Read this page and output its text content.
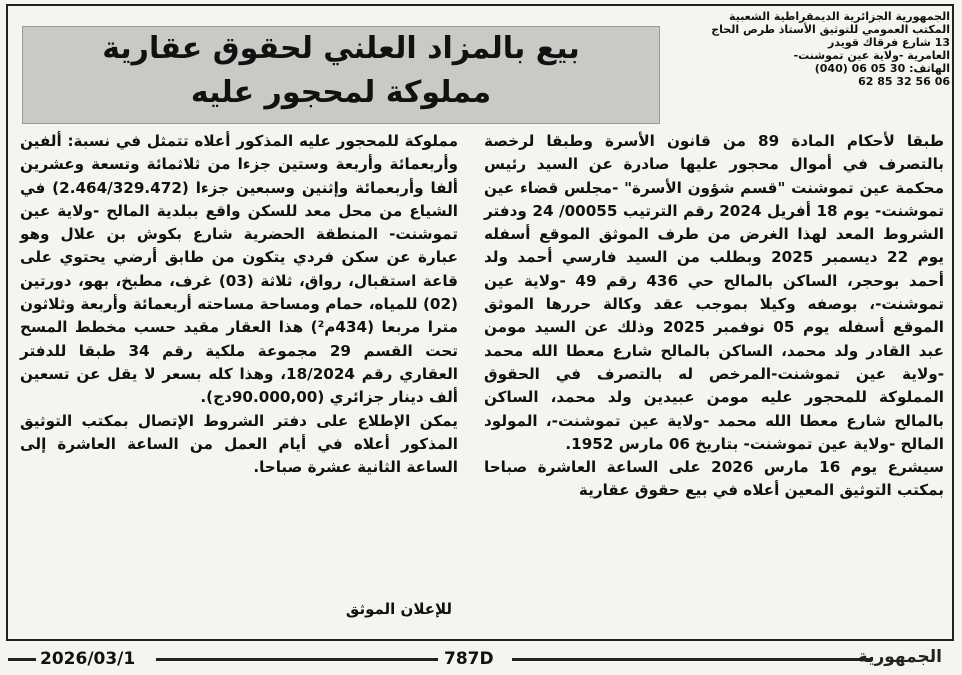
الجمهورية الجزائرية الديمقراطية الشعبية
المكتب العمومي للتوثيق الأستاذ طرص الحاج
13 شارع فرقاك قويدر
العامرية -ولاية عين تموشنت-
الهاتف: 30 05 06 (040)
06 56 32 85 62
بيع بالمزاد العلني لحقوق عقارية
مملوكة لمحجور عليه

طبقا لأحكام المادة 89 من قانون الأسرة وطبقا لرخصة بالتصرف في أموال محجور عليها صادرة عن السيد رئيس محكمة عين تموشنت "قسم شؤون الأسرة" -مجلس قضاء عين تموشنت- يوم 18 أفريل 2024 رقم الترتيب 00055/ 24 ودفتر الشروط المعد لهذا الغرض من طرف الموثق الموقع أسفله يوم 22 ديسمبر 2025 وبطلب من السيد فارسي أحمد ولد أحمد بوحجر، الساكن بالمالح حي 436 رقم 49 -ولاية عين تموشنت-، بوصفه وكيلا بموجب عقد وكالة حررها الموثق الموقع أسفله يوم 05 نوفمبر 2025 وذلك عن السيد مومن عبد القادر ولد محمد، الساكن بالمالح شارع معطا الله محمد -ولاية عين تموشنت-المرخص له بالتصرف في الحقوق المملوكة للمحجور عليه مومن عبيدين ولد محمد، الساكن بالمالح شارع معطا الله محمد -ولاية عين تموشنت-، المولود المالح -ولاية عين تموشنت- بتاريخ 06 مارس 1952.

سيشرع يوم 16 مارس 2026 على الساعة العاشرة صباحا بمكتب التوثيق المعين أعلاه في بيع حقوق عقارية

مملوكة للمحجور عليه المذكور أعلاه تتمثل في نسبة: ألفين وأربعمائة وأربعة وستين جزءا من ثلاثمائة وتسعة وعشرين ألفا وأربعمائة وإثنين وسبعين جزءا (2.464/329.472) في الشياع من محل معد للسكن واقع ببلدية المالح -ولاية عين تموشنت- المنطقة الحضرية شارع بكوش بن علال وهو عبارة عن سكن فردي يتكون من طابق أرضي يحتوي على قاعة استقبال، رواق، ثلاثة (03) غرف، مطبخ، بهو، دورتين (02) للمياه، حمام ومساحة مساحته أربعمائة وأربعة وثلاثون مترا مربعا (434م²) هذا العقار مقيد حسب مخطط المسح تحت القسم 29 مجموعة ملكية رقم 34 طبقا للدفتر العقاري رقم 18/2024، وهذا كله بسعر لا يقل عن تسعين ألف دينار جزائري (90.000,00دج).

يمكن الإطلاع على دفتر الشروط الإتصال بمكتب التوثيق المذكور أعلاه في أيام العمل من الساعة العاشرة إلى الساعة الثانية عشرة صباحا.

للإعلان الموثق
2026/03/1	787D	الجمهورية
